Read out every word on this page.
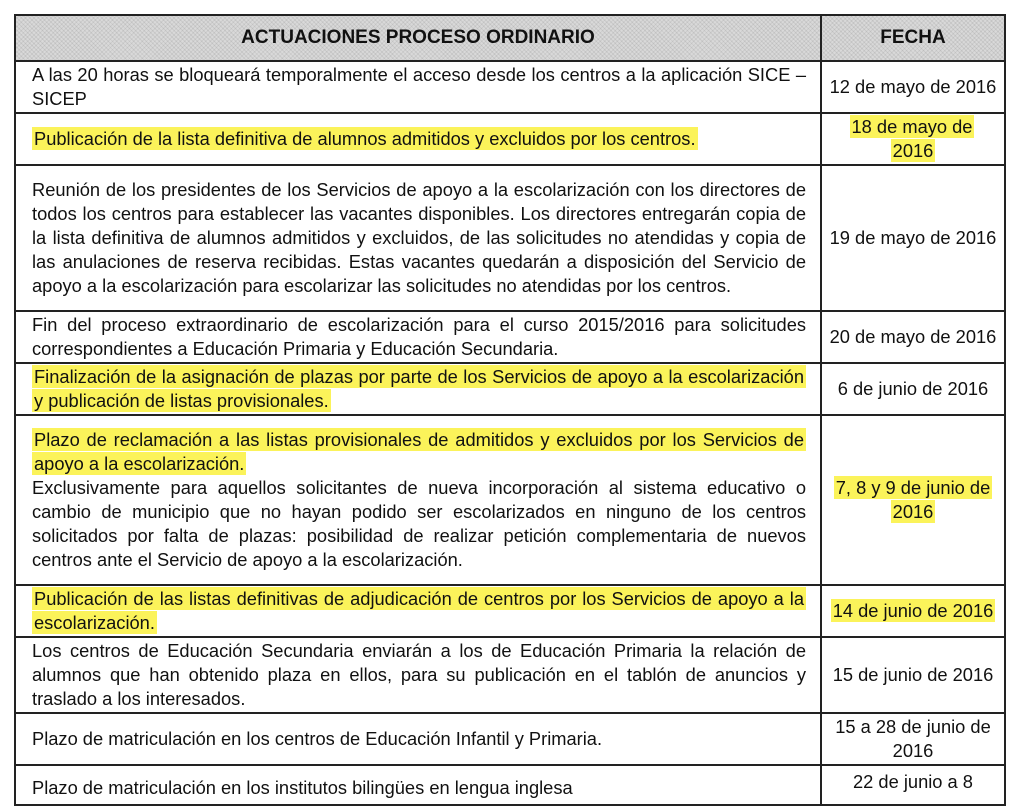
ACTUACIONES PROCESO ORDINARIO	FECHA

A las 20 horas se bloqueará temporalmente el acceso desde los centros a la aplicación SICE – SICEP	12 de mayo de 2016

Publicación de la lista definitiva de alumnos admitidos y excluidos por los centros.	18 de mayo de 2016

Reunión de los presidentes de los Servicios de apoyo a la escolarización con los directores de todos los centros para establecer las vacantes disponibles. Los directores entregarán copia de la lista definitiva de alumnos admitidos y excluidos, de las solicitudes no atendidas y copia de las anulaciones de reserva recibidas. Estas vacantes quedarán a disposición del Servicio de apoyo a la escolarización para escolarizar las solicitudes no atendidas por los centros.	19 de mayo de 2016

Fin del proceso extraordinario de escolarización para el curso 2015/2016 para solicitudes correspondientes a Educación Primaria y Educación Secundaria.	20 de mayo de 2016

Finalización de la asignación de plazas por parte de los Servicios de apoyo a la escolarización y publicación de listas provisionales.	6 de junio de 2016

Plazo de reclamación a las listas provisionales de admitidos y excluidos por los Servicios de apoyo a la escolarización.

Exclusivamente para aquellos solicitantes de nueva incorporación al sistema educativo o cambio de municipio que no hayan podido ser escolarizados en ninguno de los centros solicitados por falta de plazas: posibilidad de realizar petición complementaria de nuevos centros ante el Servicio de apoyo a la escolarización.	7, 8 y 9 de junio de 2016

Publicación de las listas definitivas de adjudicación de centros por los Servicios de apoyo a la escolarización.	14 de junio de 2016

Los centros de Educación Secundaria enviarán a los de Educación Primaria la relación de alumnos que han obtenido plaza en ellos, para su publicación en el tablón de anuncios y traslado a los interesados.	15 de junio de 2016

Plazo de matriculación en los centros de Educación Infantil y Primaria.	15 a 28 de junio de 2016

Plazo de matriculación en los institutos bilingües en lengua inglesa	22 de junio a 8
